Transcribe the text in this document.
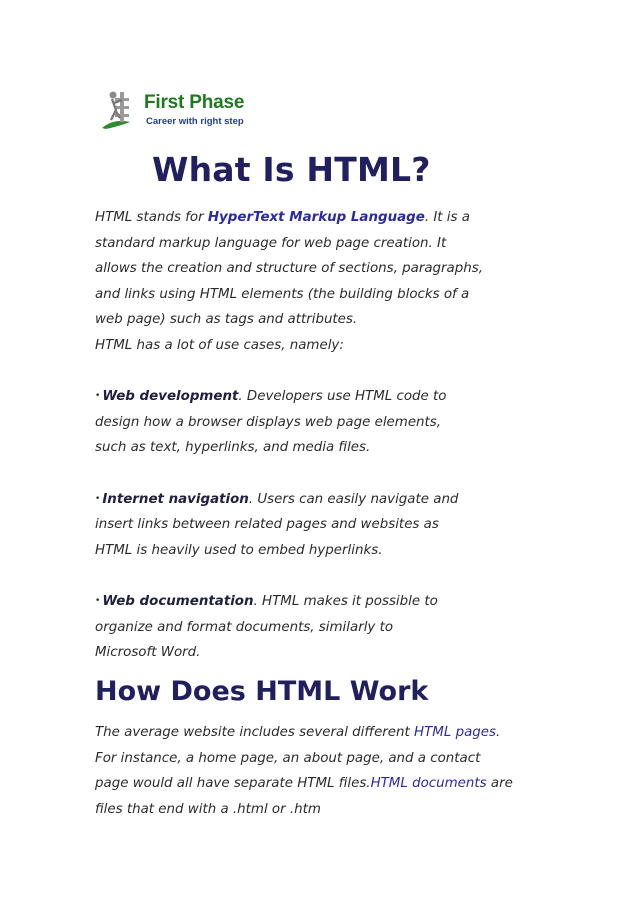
First Phase
Career with right step
What Is HTML?

HTML stands for HyperText Markup Language. It is a

standard markup language for web page creation. It

allows the creation and structure of sections, paragraphs,

and links using HTML elements (the building blocks of a

web page) such as tags and attributes.

HTML has a lot of use cases, namely:

• Web development. Developers use HTML code to

design how a browser displays web page elements,

such as text, hyperlinks, and media files.

• Internet navigation. Users can easily navigate and

insert links between related pages and websites as

HTML is heavily used to embed hyperlinks.

• Web documentation. HTML makes it possible to

organize and format documents, similarly to

Microsoft Word.

How Does HTML Work

The average website includes several different HTML pages.

For instance, a home page, an about page, and a contact

page would all have separate HTML files.HTML documents are

files that end with a .html or .htm
